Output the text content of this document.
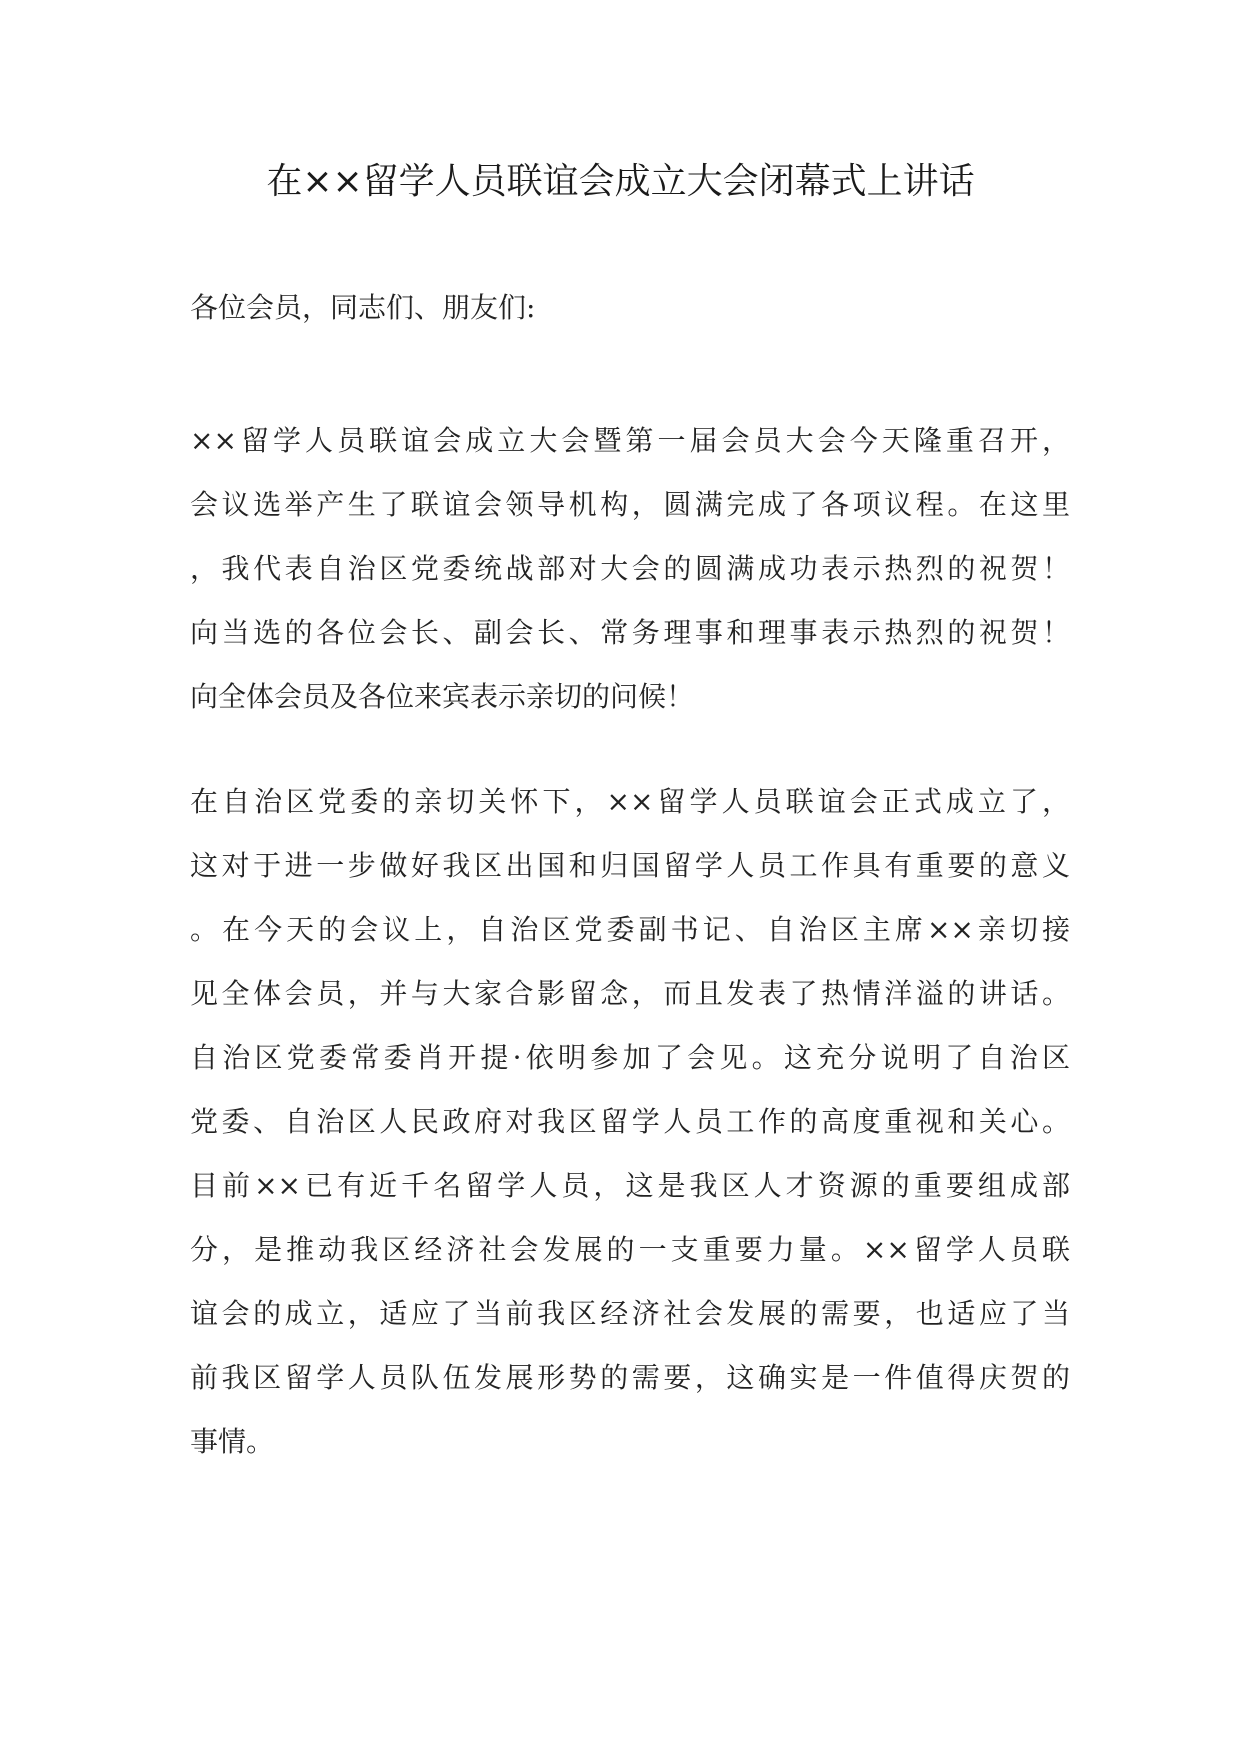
在××留学人员联谊会成立大会闭幕式上讲话
各位会员，同志们、朋友们:
××留学人员联谊会成立大会暨第一届会员大会今天隆重召开，
会议选举产生了联谊会领导机构，圆满完成了各项议程。在这里
，我代表自治区党委统战部对大会的圆满成功表示热烈的祝贺！
向当选的各位会长、副会长、常务理事和理事表示热烈的祝贺！
向全体会员及各位来宾表示亲切的问候！
在自治区党委的亲切关怀下，××留学人员联谊会正式成立了，
这对于进一步做好我区出国和归国留学人员工作具有重要的意义
。在今天的会议上，自治区党委副书记、自治区主席××亲切接
见全体会员，并与大家合影留念，而且发表了热情洋溢的讲话。
自治区党委常委肖开提·依明参加了会见。这充分说明了自治区
党委、自治区人民政府对我区留学人员工作的高度重视和关心。
目前××已有近千名留学人员，这是我区人才资源的重要组成部
分，是推动我区经济社会发展的一支重要力量。××留学人员联
谊会的成立，适应了当前我区经济社会发展的需要，也适应了当
前我区留学人员队伍发展形势的需要，这确实是一件值得庆贺的
事情。
